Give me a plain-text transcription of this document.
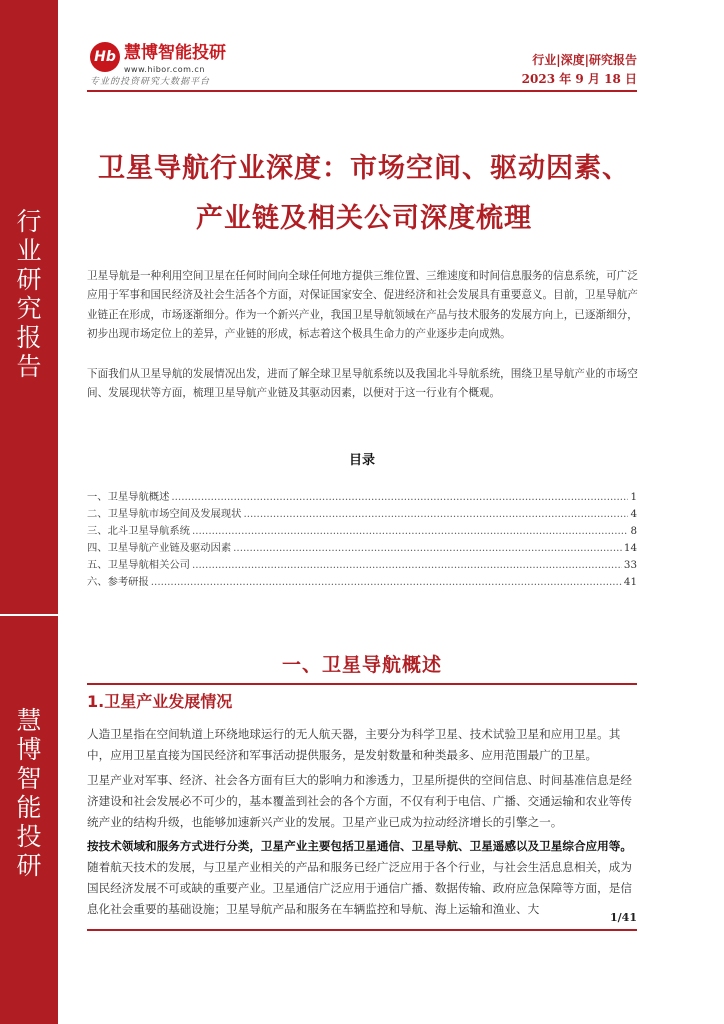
行业研究报告
慧博智能投研
Hb 慧博智能投研
www.hibor.com.cn
专业的投资研究大数据平台
行业|深度|研究报告
2023 年 9 月 18 日
卫星导航行业深度：市场空间、驱动因素、
产业链及相关公司深度梳理

卫星导航是一种利用空间卫星在任何时间向全球任何地方提供三维位置、三维速度和时间信息服务的信息系统，可广泛应用于军事和国民经济及社会生活各个方面，对保证国家安全、促进经济和社会发展具有重要意义。目前，卫星导航产业链正在形成，市场逐渐细分。作为一个新兴产业，我国卫星导航领域在产品与技术服务的发展方向上，已逐渐细分，初步出现市场定位上的差异，产业链的形成，标志着这个极具生命力的产业逐步走向成熟。

下面我们从卫星导航的发展情况出发，进而了解全球卫星导航系统以及我国北斗导航系统，围绕卫星导航产业的市场空间、发展现状等方面，梳理卫星导航产业链及其驱动因素，以便对于这一行业有个概观。

目录
一、卫星导航概述 .....	1
二、卫星导航市场空间及发展现状 .....	4
三、北斗卫星导航系统 .....	8
四、卫星导航产业链及驱动因素 .....	14
五、卫星导航相关公司 .....	33
六、参考研报 .....	41
一、卫星导航概述
1.卫星产业发展情况

人造卫星指在空间轨道上环绕地球运行的无人航天器，主要分为科学卫星、技术试验卫星和应用卫星。其中，应用卫星直接为国民经济和军事活动提供服务，是发射数量和种类最多、应用范围最广的卫星。

卫星产业对军事、经济、社会各方面有巨大的影响力和渗透力，卫星所提供的空间信息、时间基准信息是经济建设和社会发展必不可少的，基本覆盖到社会的各个方面，不仅有利于电信、广播、交通运输和农业等传统产业的结构升级，也能够加速新兴产业的发展。卫星产业已成为拉动经济增长的引擎之一。

按技术领域和服务方式进行分类，卫星产业主要包括卫星通信、卫星导航、卫星遥感以及卫星综合应用等。随着航天技术的发展，与卫星产业相关的产品和服务已经广泛应用于各个行业，与社会生活息息相关，成为国民经济发展不可或缺的重要产业。卫星通信广泛应用于通信广播、数据传输、政府应急保障等方面，是信息化社会重要的基础设施；卫星导航产品和服务在车辆监控和导航、海上运输和渔业、大

1/41
